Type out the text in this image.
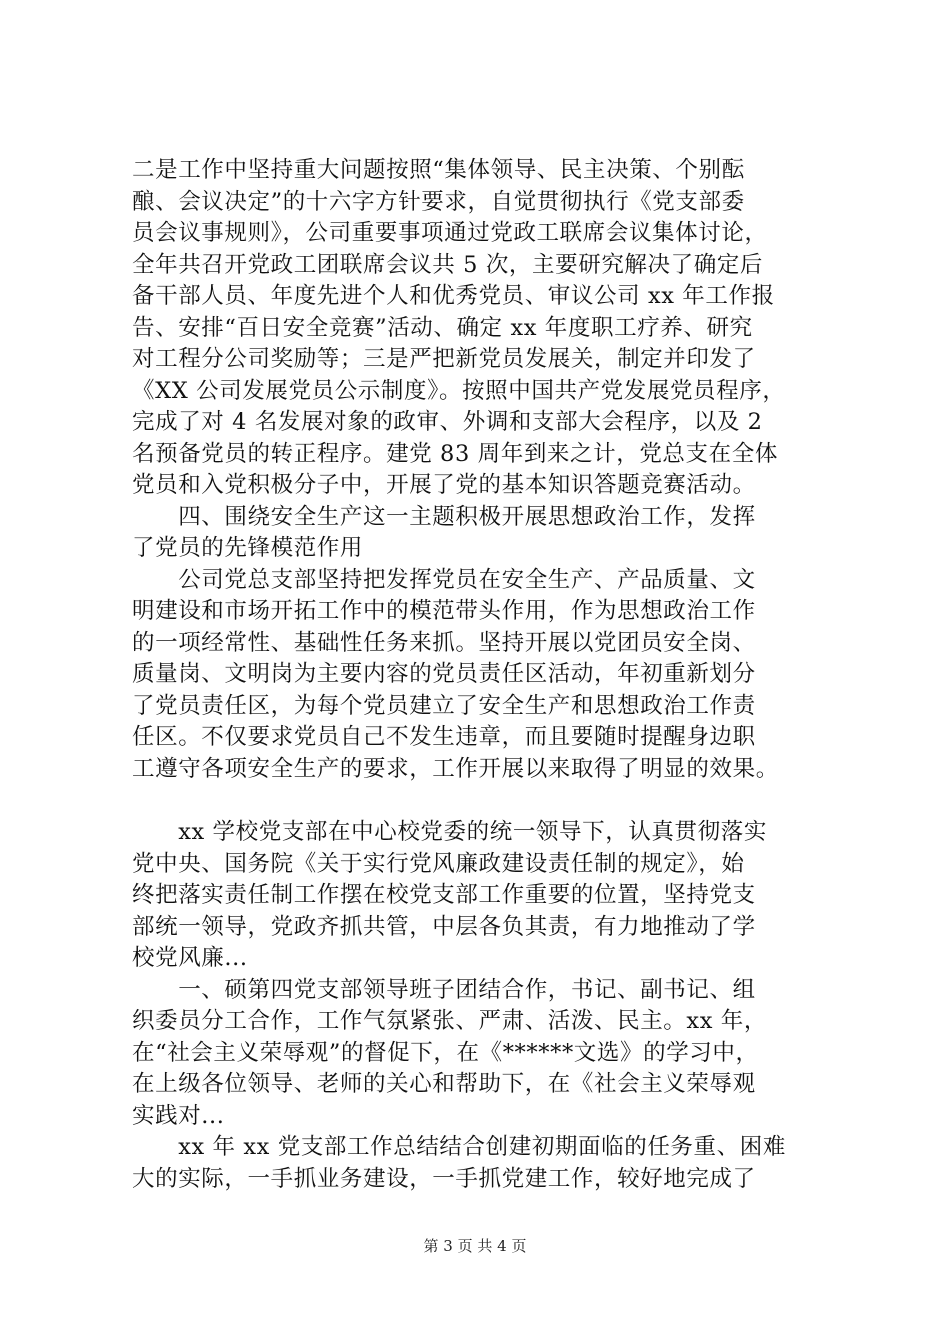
二是工作中坚持重大问题按照“集体领导、民主决策、个别酝
酿、会议决定”的十六字方针要求，自觉贯彻执行《党支部委
员会议事规则》，公司重要事项通过党政工联席会议集体讨论，
全年共召开党政工团联席会议共 5 次，主要研究解决了确定后
备干部人员、年度先进个人和优秀党员、审议公司 xx 年工作报
告、安排“百日安全竞赛”活动、确定 xx 年度职工疗养、研究
对工程分公司奖励等；三是严把新党员发展关，制定并印发了
《XX 公司发展党员公示制度》。按照中国共产党发展党员程序，
完成了对 4 名发展对象的政审、外调和支部大会程序，以及 2
名预备党员的转正程序。建党 83 周年到来之计，党总支在全体
党员和入党积极分子中，开展了党的基本知识答题竞赛活动。
　　四、围绕安全生产这一主题积极开展思想政治工作，发挥
了党员的先锋模范作用
　　公司党总支部坚持把发挥党员在安全生产、产品质量、文
明建设和市场开拓工作中的模范带头作用，作为思想政治工作
的一项经常性、基础性任务来抓。坚持开展以党团员安全岗、
质量岗、文明岗为主要内容的党员责任区活动，年初重新划分
了党员责任区，为每个党员建立了安全生产和思想政治工作责
任区。不仅要求党员自己不发生违章，而且要随时提醒身边职
工遵守各项安全生产的要求，工作开展以来取得了明显的效果。
　　xx 学校党支部在中心校党委的统一领导下，认真贯彻落实
党中央、国务院《关于实行党风廉政建设责任制的规定》，始
终把落实责任制工作摆在校党支部工作重要的位置，坚持党支
部统一领导，党政齐抓共管，中层各负其责，有力地推动了学
校党风廉...
　　一、硕第四党支部领导班子团结合作，书记、副书记、组
织委员分工合作，工作气氛紧张、严肃、活泼、民主。xx 年，
在“社会主义荣辱观”的督促下，在《******文选》的学习中，
在上级各位领导、老师的关心和帮助下，在《社会主义荣辱观
实践对...
　　xx 年 xx 党支部工作总结结合创建初期面临的任务重、困难
大的实际，一手抓业务建设，一手抓党建工作，较好地完成了
第 3 页 共 4 页
